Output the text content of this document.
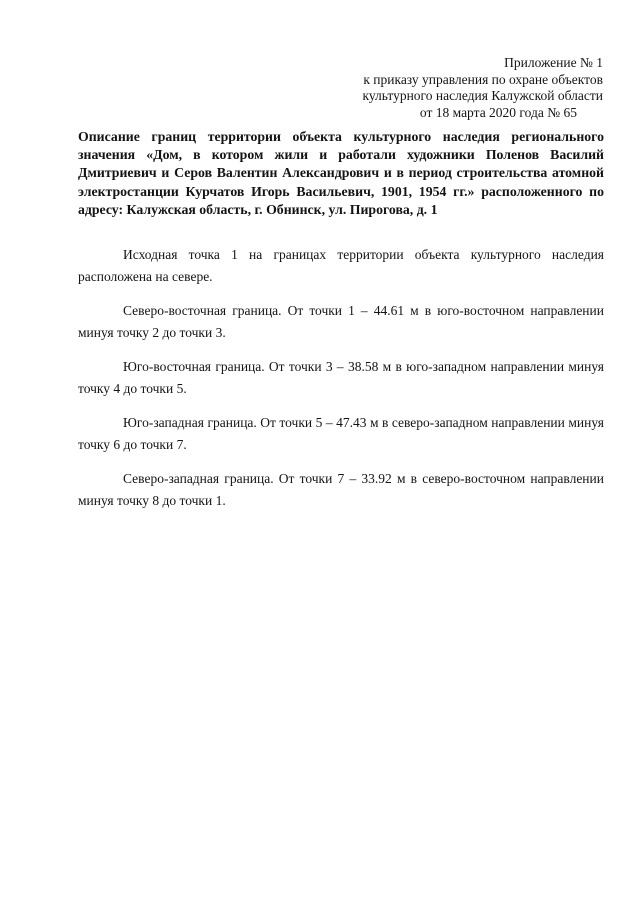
Приложение № 1
к приказу управления по охране объектов
культурного наследия Калужской области
от 18 марта 2020 года № 65
Описание границ территории объекта культурного наследия регионального значения «Дом, в котором жили и работали художники Поленов Василий Дмитриевич и Серов Валентин Александрович и в период строительства атомной электростанции Курчатов Игорь Васильевич, 1901, 1954 гг.» расположенного по адресу: Калужская область, г. Обнинск, ул. Пирогова, д. 1

Исходная точка 1 на границах территории объекта культурного наследия расположена на севере.

Северо-восточная граница. От точки 1 – 44.61 м в юго-восточном направлении минуя точку 2 до точки 3.

Юго-восточная граница. От точки 3 – 38.58 м в юго-западном направлении минуя точку 4 до точки 5.

Юго-западная граница. От точки 5 – 47.43 м в северо-западном направлении минуя точку 6 до точки 7.

Северо-западная граница. От точки 7 – 33.92 м в северо-восточном направлении минуя точку 8 до точки 1.
